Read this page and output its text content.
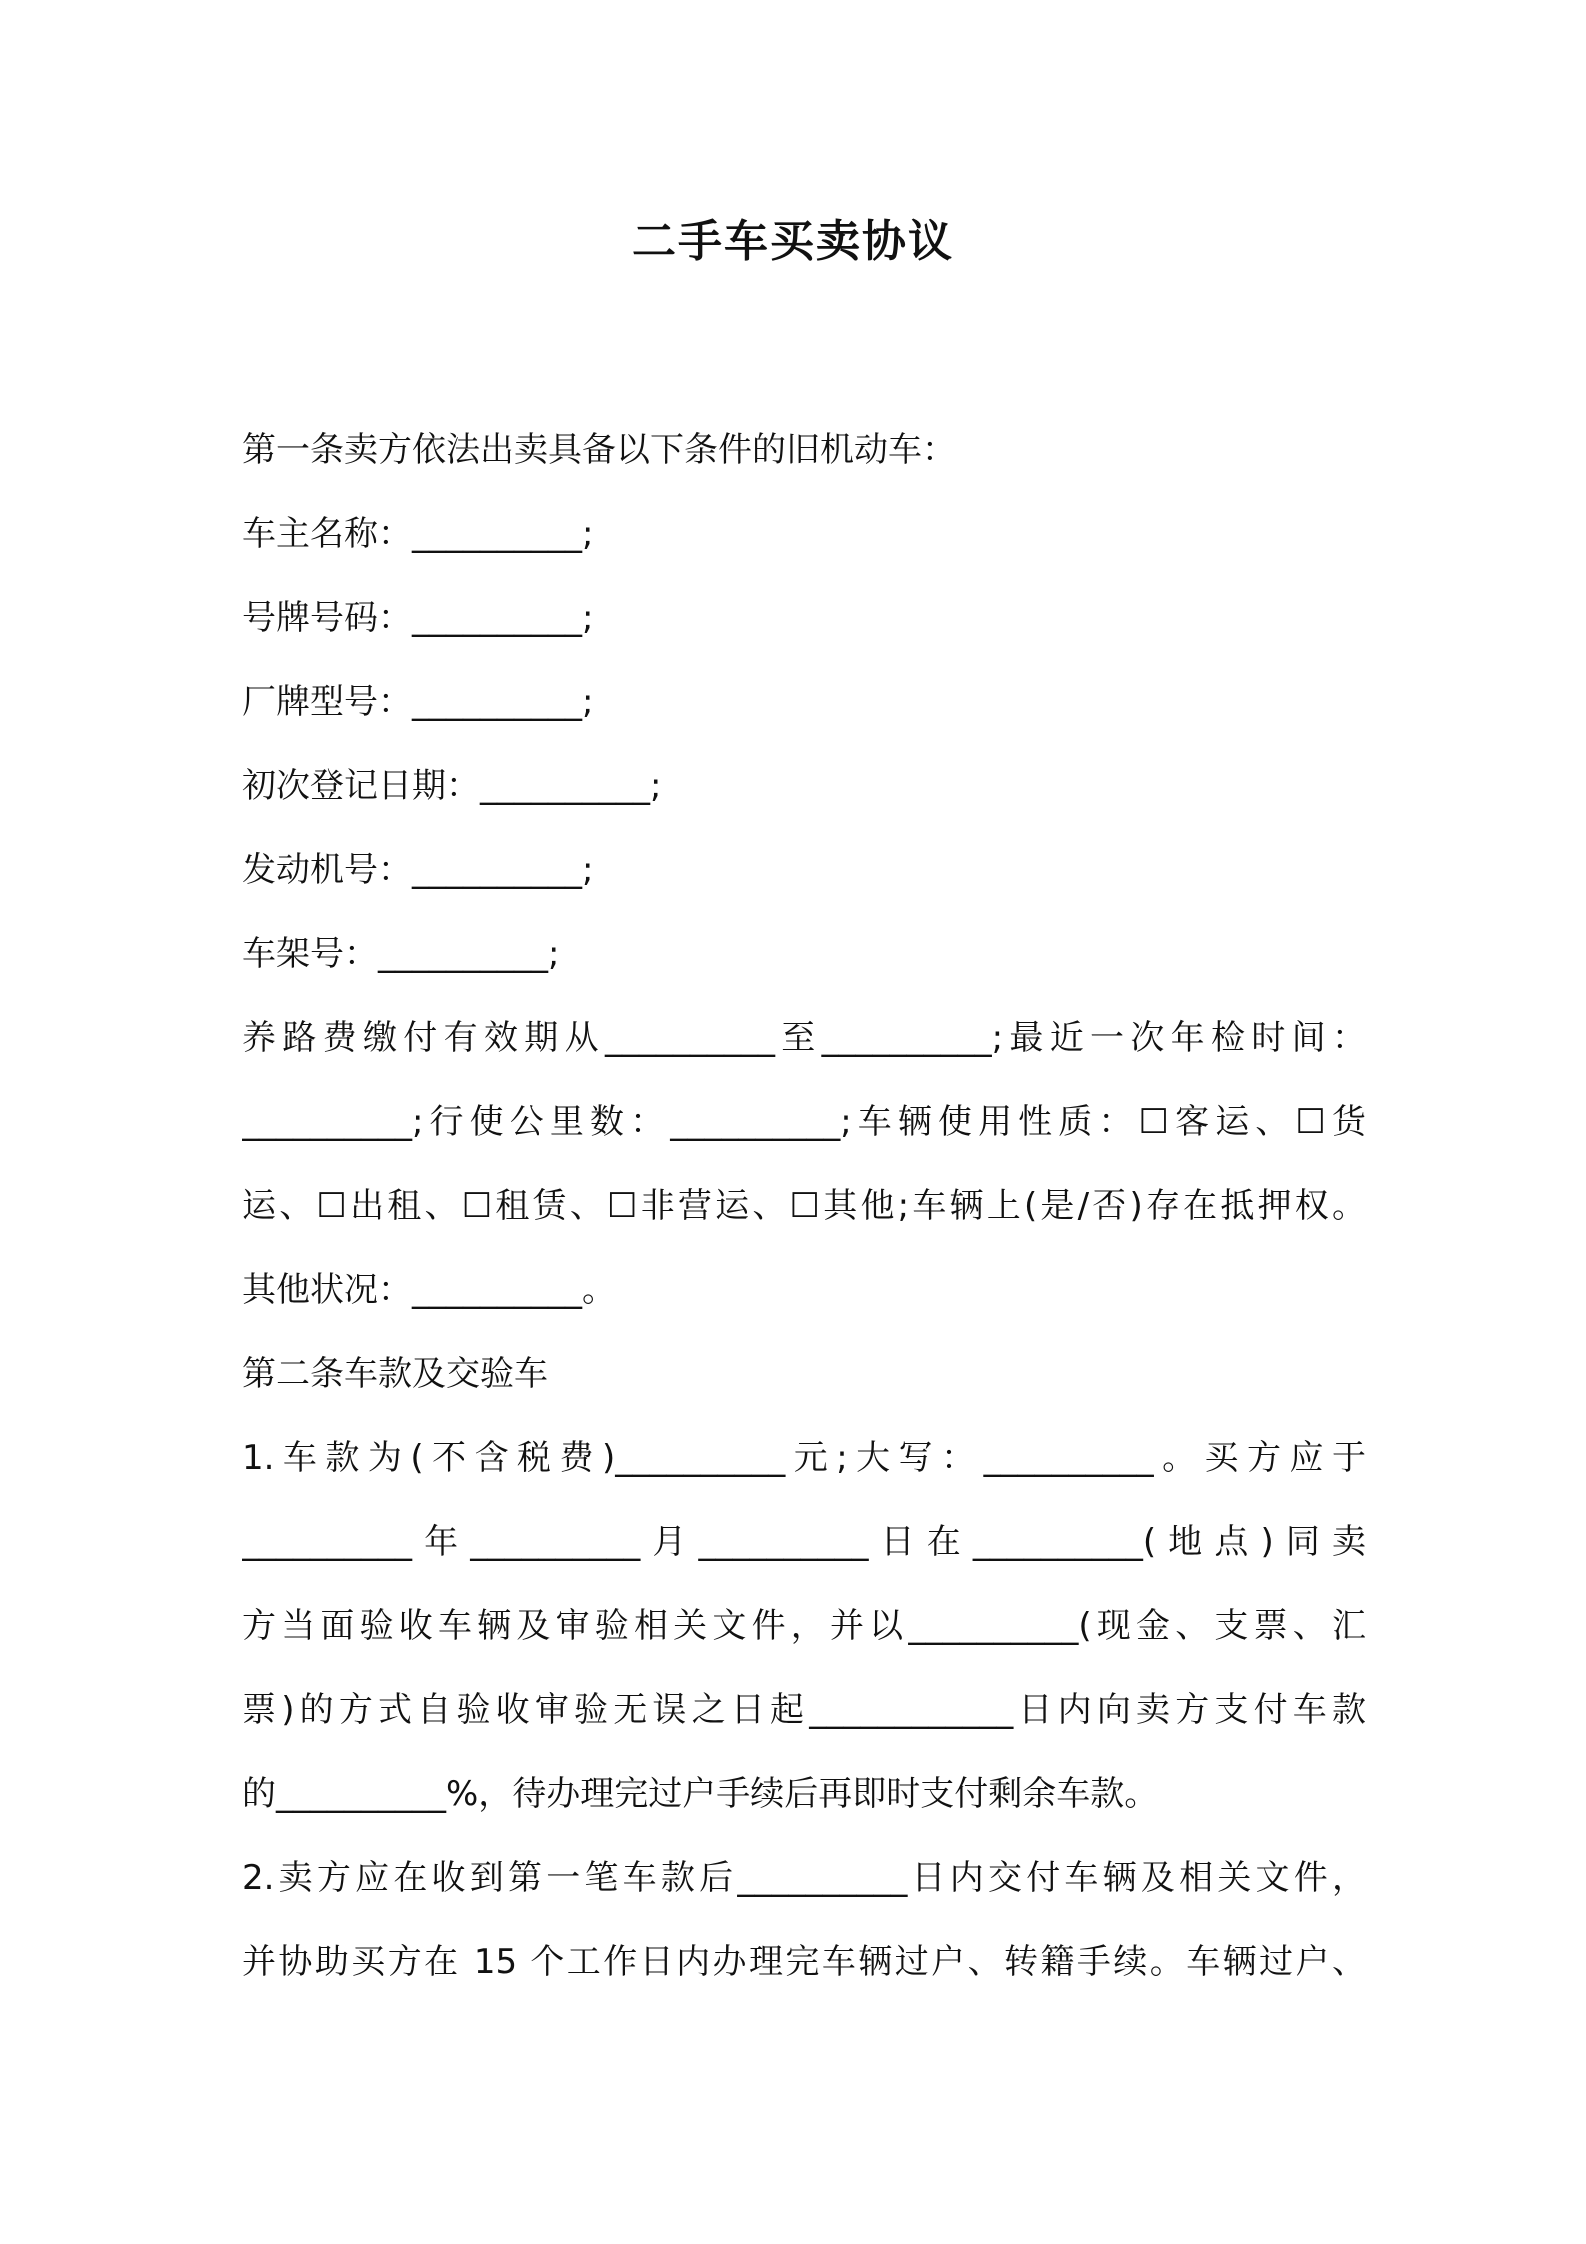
二手车买卖协议
第一条卖方依法出卖具备以下条件的旧机动车：
车主名称：__________;
号牌号码：__________;
厂牌型号：__________;
初次登记日期：__________;
发动机号：__________;
车架号：__________;
养路费缴付有效期从__________至__________;最近一次年检时间：
__________;行使公里数：__________;车辆使用性质：☐客运、☐货
运、☐出租、☐租赁、☐非营运、☐其他;车辆上(是/否)存在抵押权。
其他状况：__________。
第二条车款及交验车
1.车款为(不含税费)__________元;大写：__________。买方应于
__________年__________月__________日在__________(地点)同卖
方当面验收车辆及审验相关文件，并以__________(现金、支票、汇
票)的方式自验收审验无误之日起____________日内向卖方支付车款
的__________%，待办理完过户手续后再即时支付剩余车款。
2.卖方应在收到第一笔车款后__________日内交付车辆及相关文件，
并协助买方在 15 个工作日内办理完车辆过户、转籍手续。车辆过户、
